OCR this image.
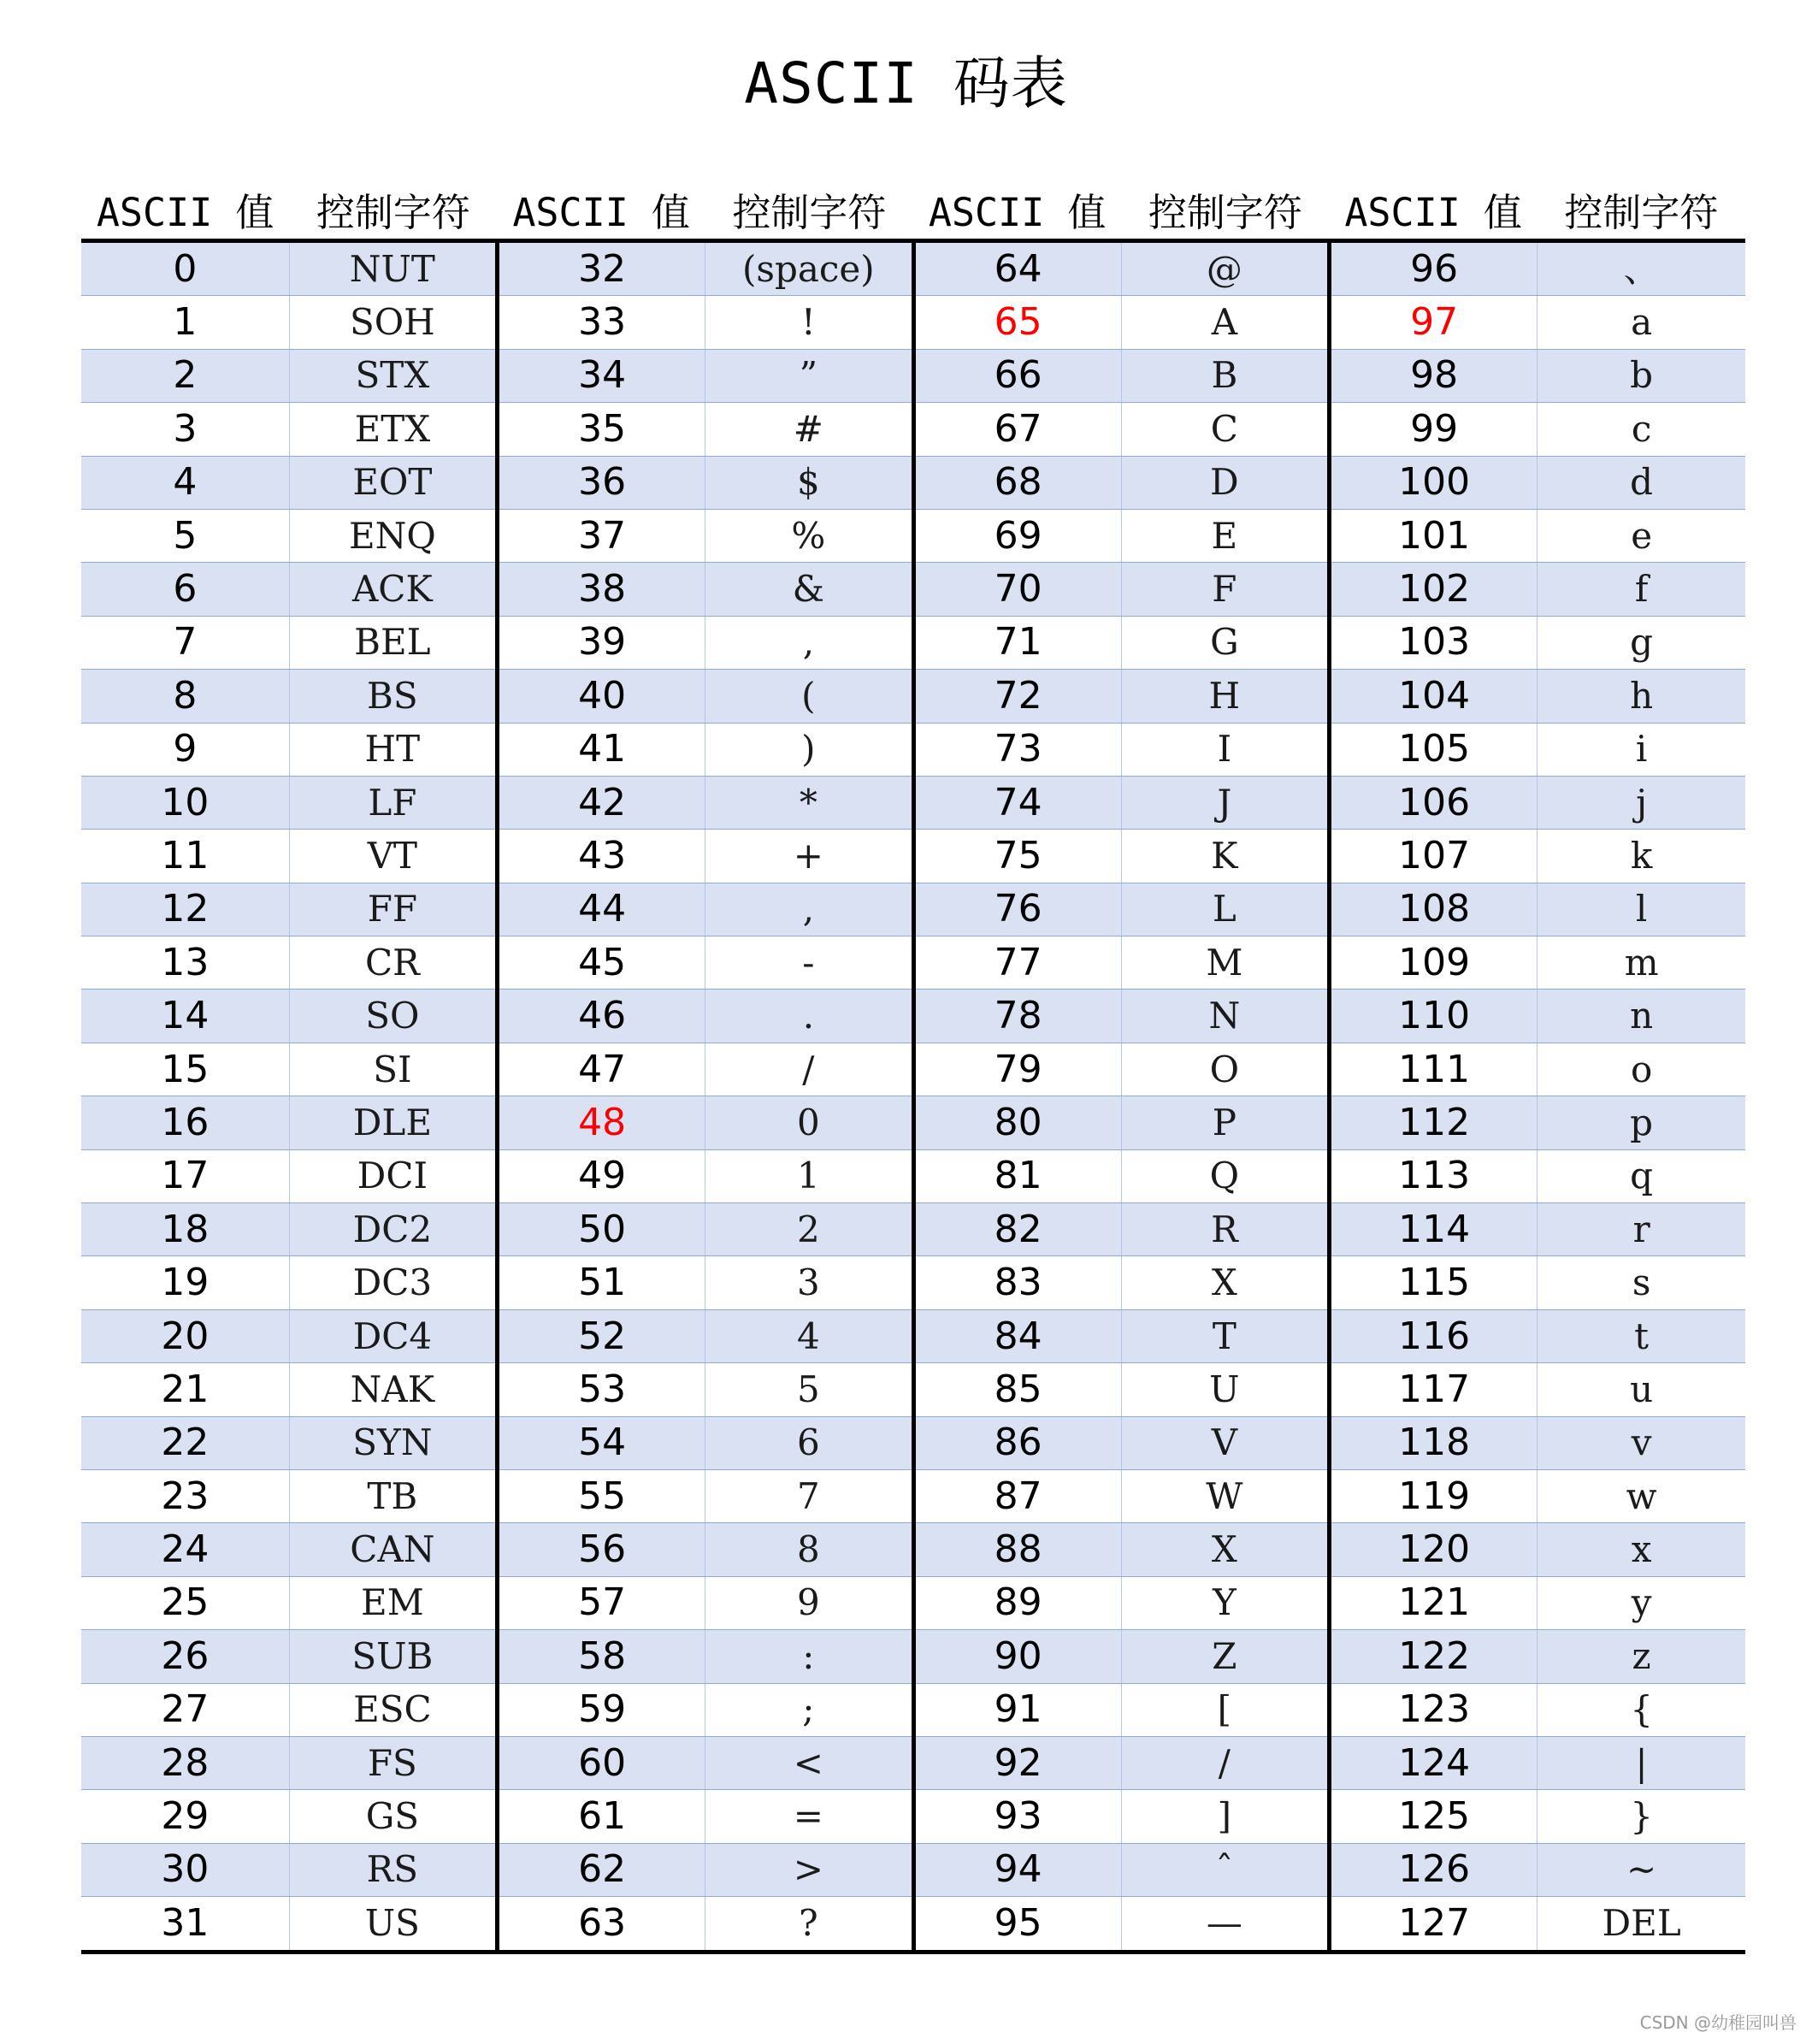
ASCII 码表
ASCII 值	控制字符	ASCII 值	控制字符	ASCII 值	控制字符	ASCII 值	控制字符
0	NUT	32	(space)	64	@	96	、
1	SOH	33	!	65	A	97	a
2	STX	34	”	66	B	98	b
3	ETX	35	#	67	C	99	c
4	EOT	36	$	68	D	100	d
5	ENQ	37	%	69	E	101	e
6	ACK	38	&	70	F	102	f
7	BEL	39	,	71	G	103	g
8	BS	40	(	72	H	104	h
9	HT	41	)	73	I	105	i
10	LF	42	*	74	J	106	j
11	VT	43	+	75	K	107	k
12	FF	44	,	76	L	108	l
13	CR	45	-	77	M	109	m
14	SO	46	.	78	N	110	n
15	SI	47	/	79	O	111	o
16	DLE	48	0	80	P	112	p
17	DCI	49	1	81	Q	113	q
18	DC2	50	2	82	R	114	r
19	DC3	51	3	83	X	115	s
20	DC4	52	4	84	T	116	t
21	NAK	53	5	85	U	117	u
22	SYN	54	6	86	V	118	v
23	TB	55	7	87	W	119	w
24	CAN	56	8	88	X	120	x
25	EM	57	9	89	Y	121	y
26	SUB	58	:	90	Z	122	z
27	ESC	59	;	91	[	123	{
28	FS	60	<	92	/	124	|
29	GS	61	=	93	]	125	}
30	RS	62	>	94	ˆ	126	~
31	US	63	?	95	—	127	DEL
CSDN @幼稚园叫兽
